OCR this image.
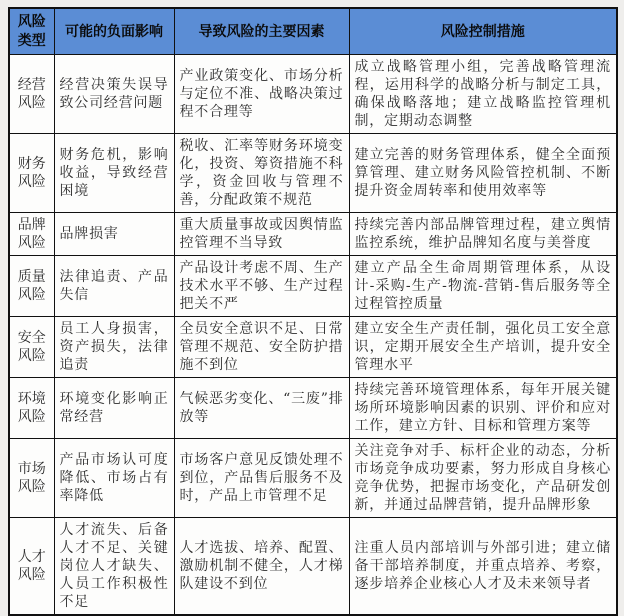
风险类型	可能的负面影响	导致风险的主要因素	风险控制措施
经营风险	经营决策失误导致公司经营问题	产业政策变化、市场分析与定位不准、战略决策过程不合理等	成立战略管理小组，完善战略管理流程，运用科学的战略分析与制定工具，确保战略落地；建立战略监控管理机制，定期动态调整
财务风险	财务危机，影响收益，导致经营困境	税收、汇率等财务环境变化，投资、筹资措施不科学，资金回收与管理不善，分配政策不规范	建立完善的财务管理体系，健全全面预算管理、建立财务风险管控机制、不断提升资金周转率和使用效率等
品牌风险	品牌损害	重大质量事故或因舆情监控管理不当导致	持续完善内部品牌管理过程，建立舆情监控系统，维护品牌知名度与美誉度
质量风险	法律追责、产品失信	产品设计考虑不周、生产技术水平不够、生产过程把关不严	建立产品全生命周期管理体系，从设计-采购-生产-物流-营销-售后服务等全过程管控质量
安全风险	员工人身损害，资产损失，法律追责	全员安全意识不足、日常管理不规范、安全防护措施不到位	建立安全生产责任制，强化员工安全意识，定期开展安全生产培训，提升安全管理水平
环境风险	环境变化影响正常经营	气候恶劣变化、“三废”排放等	持续完善环境管理体系，每年开展关键场所环境影响因素的识别、评价和应对工作，建立方针、目标和管理方案等
市场风险	产品市场认可度降低、市场占有率降低	市场客户意见反馈处理不到位，产品售后服务不及时，产品上市管理不足	关注竞争对手、标杆企业的动态，分析市场竞争成功要素，努力形成自身核心竞争优势，把握市场变化，产品研发创新，并通过品牌营销，提升品牌形象
人才风险	人才流失、后备人才不足、关键岗位人才缺失、人员工作积极性不足	人才选拔、培养、配置、激励机制不健全，人才梯队建设不到位	注重人员内部培训与外部引进；建立储备干部培养制度，并重点培养、考察，逐步培养企业核心人才及未来领导者
